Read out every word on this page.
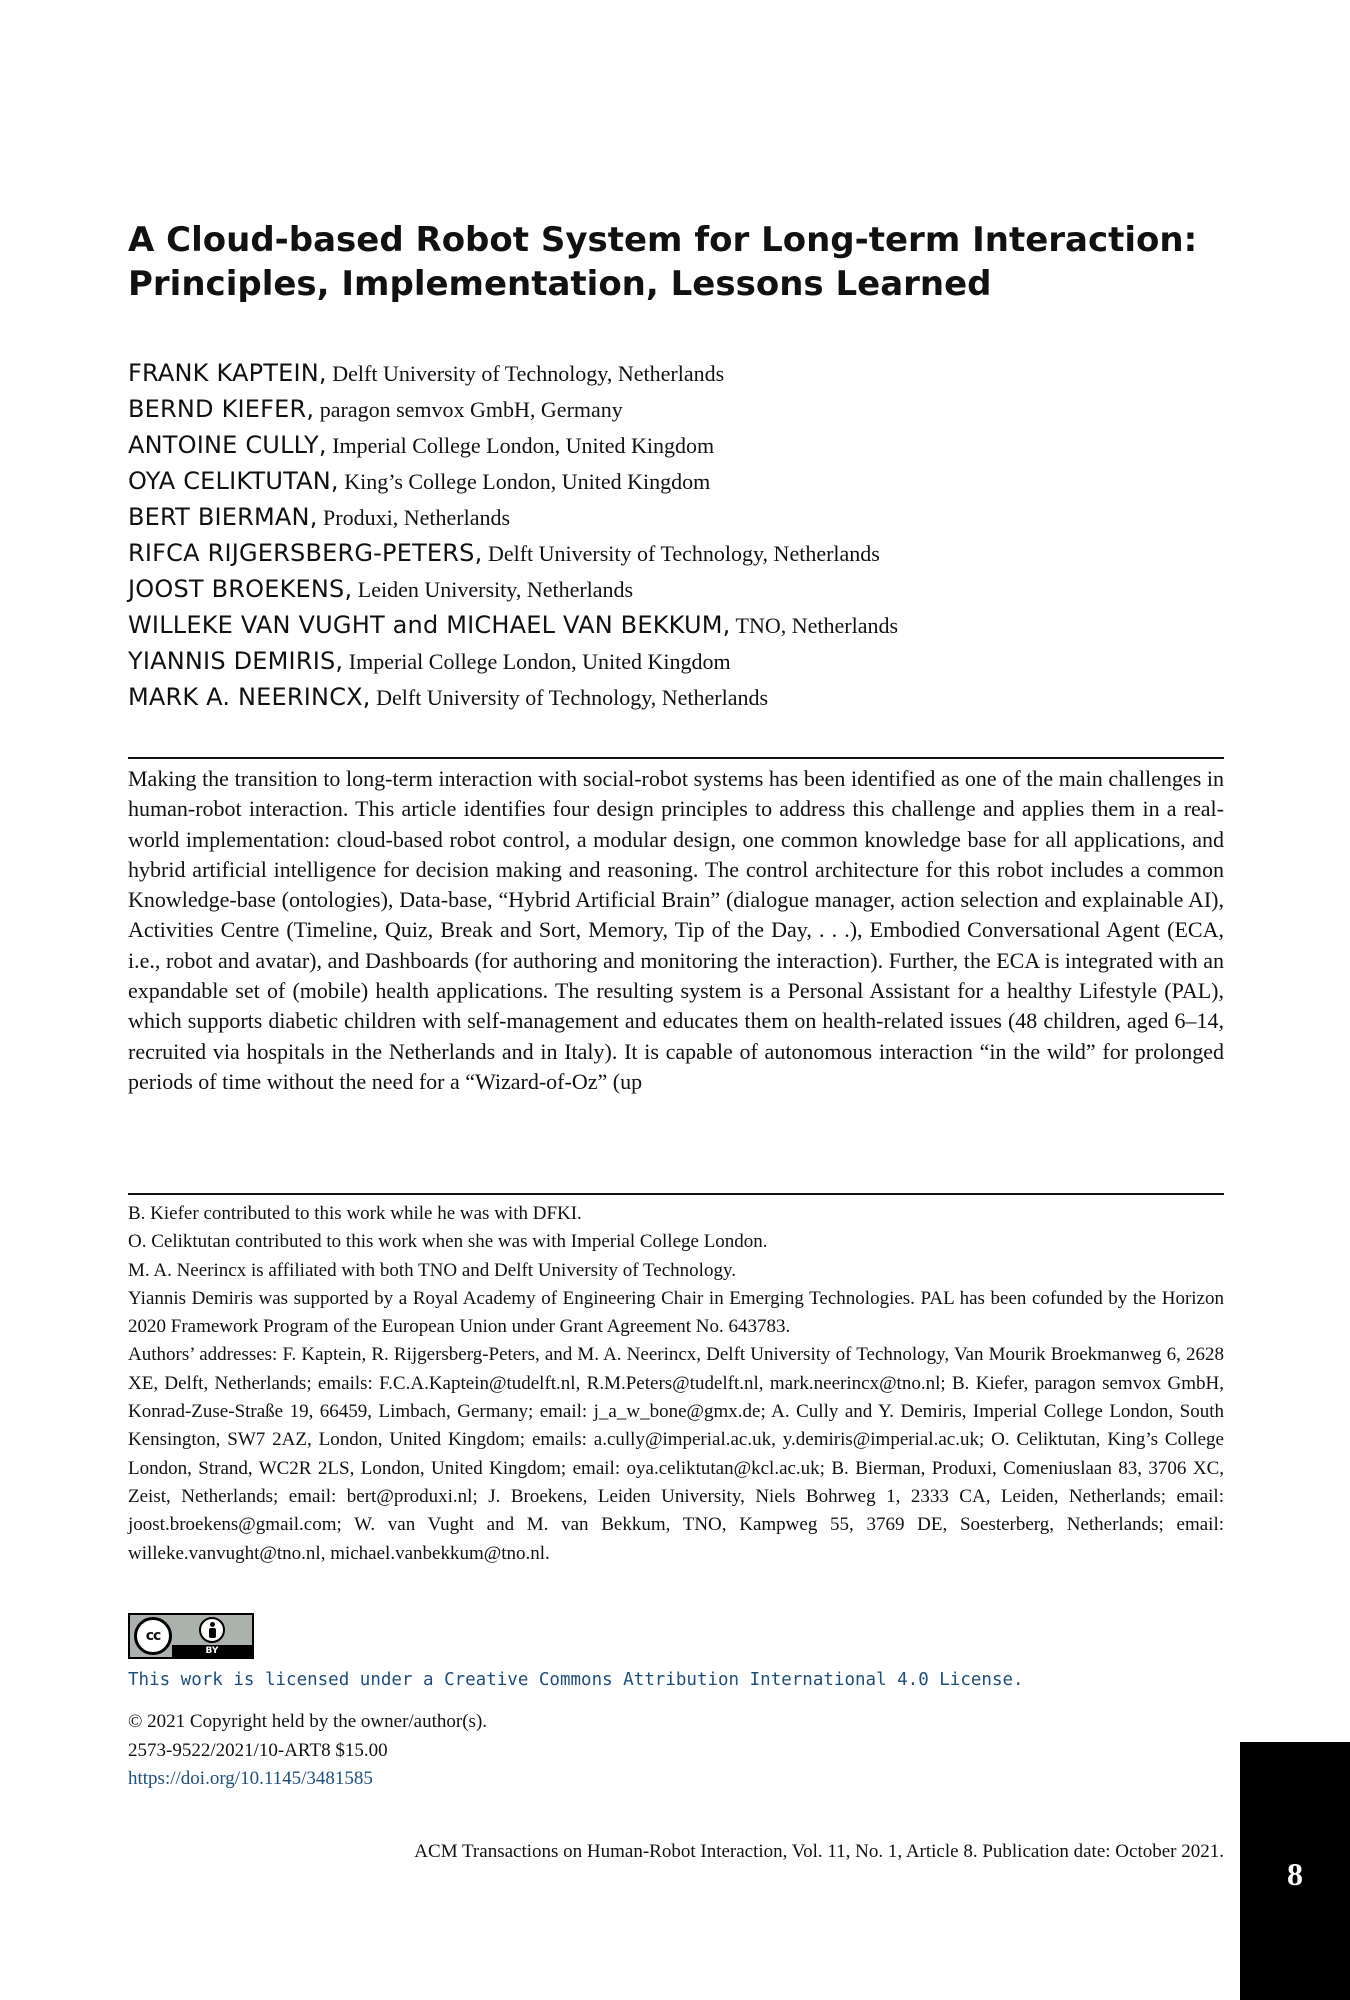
A Cloud-based Robot System for Long-term Interaction:
Principles, Implementation, Lessons Learned
FRANK KAPTEIN, Delft University of Technology, Netherlands
BERND KIEFER, paragon semvox GmbH, Germany
ANTOINE CULLY, Imperial College London, United Kingdom
OYA CELIKTUTAN, King’s College London, United Kingdom
BERT BIERMAN, Produxi, Netherlands
RIFCA RIJGERSBERG-PETERS, Delft University of Technology, Netherlands
JOOST BROEKENS, Leiden University, Netherlands
WILLEKE VAN VUGHT and MICHAEL VAN BEKKUM, TNO, Netherlands
YIANNIS DEMIRIS, Imperial College London, United Kingdom
MARK A. NEERINCX, Delft University of Technology, Netherlands

Making the transition to long-term interaction with social-robot systems has been identified as one of the main challenges in human-robot interaction. This article identifies four design principles to address this challenge and applies them in a real-world implementation: cloud-based robot control, a modular design, one common knowledge base for all applications, and hybrid artificial intelligence for decision making and reasoning. The control architecture for this robot includes a common Knowledge-base (ontologies), Data-base, “Hybrid Artificial Brain” (dialogue manager, action selection and explainable AI), Activities Centre (Timeline, Quiz, Break and Sort, Memory, Tip of the Day, . . .), Embodied Conversational Agent (ECA, i.e., robot and avatar), and Dashboards (for authoring and monitoring the interaction). Further, the ECA is integrated with an expandable set of (mobile) health applications. The resulting system is a Personal Assistant for a healthy Lifestyle (PAL), which supports diabetic children with self-management and educates them on health-related issues (48 children, aged 6–14, recruited via hospitals in the Netherlands and in Italy). It is capable of autonomous interaction “in the wild” for prolonged periods of time without the need for a “Wizard-of-Oz” (up

B. Kiefer contributed to this work while he was with DFKI.

O. Celiktutan contributed to this work when she was with Imperial College London.

M. A. Neerincx is affiliated with both TNO and Delft University of Technology.

Yiannis Demiris was supported by a Royal Academy of Engineering Chair in Emerging Technologies. PAL has been cofunded by the Horizon 2020 Framework Program of the European Union under Grant Agreement No. 643783.

Authors’ addresses: F. Kaptein, R. Rijgersberg-Peters, and M. A. Neerincx, Delft University of Technology, Van Mourik Broekmanweg 6, 2628 XE, Delft, Netherlands; emails: F.C.A.Kaptein@tudelft.nl, R.M.Peters@tudelft.nl, mark.neerincx@tno.nl; B. Kiefer, paragon semvox GmbH, Konrad-Zuse-Straße 19, 66459, Limbach, Germany; email: j_a_w_bone@gmx.de; A. Cully and Y. Demiris, Imperial College London, South Kensington, SW7 2AZ, London, United Kingdom; emails: a.cully@imperial.ac.uk, y.demiris@imperial.ac.uk; O. Celiktutan, King’s College London, Strand, WC2R 2LS, London, United Kingdom; email: oya.celiktutan@kcl.ac.uk; B. Bierman, Produxi, Comeniuslaan 83, 3706 XC, Zeist, Netherlands; email: bert@produxi.nl; J. Broekens, Leiden University, Niels Bohrweg 1, 2333 CA, Leiden, Netherlands; email: joost.broekens@gmail.com; W. van Vught and M. van Bekkum, TNO, Kampweg 55, 3769 DE, Soesterberg, Netherlands; email: willeke.vanvught@tno.nl, michael.vanbekkum@tno.nl.

cc
BY
This work is licensed under a Creative Commons Attribution International 4.0 License.

© 2021 Copyright held by the owner/author(s).

2573-9522/2021/10-ART8 $15.00

https://doi.org/10.1145/3481585

ACM Transactions on Human-Robot Interaction, Vol. 11, No. 1, Article 8. Publication date: October 2021.
8
